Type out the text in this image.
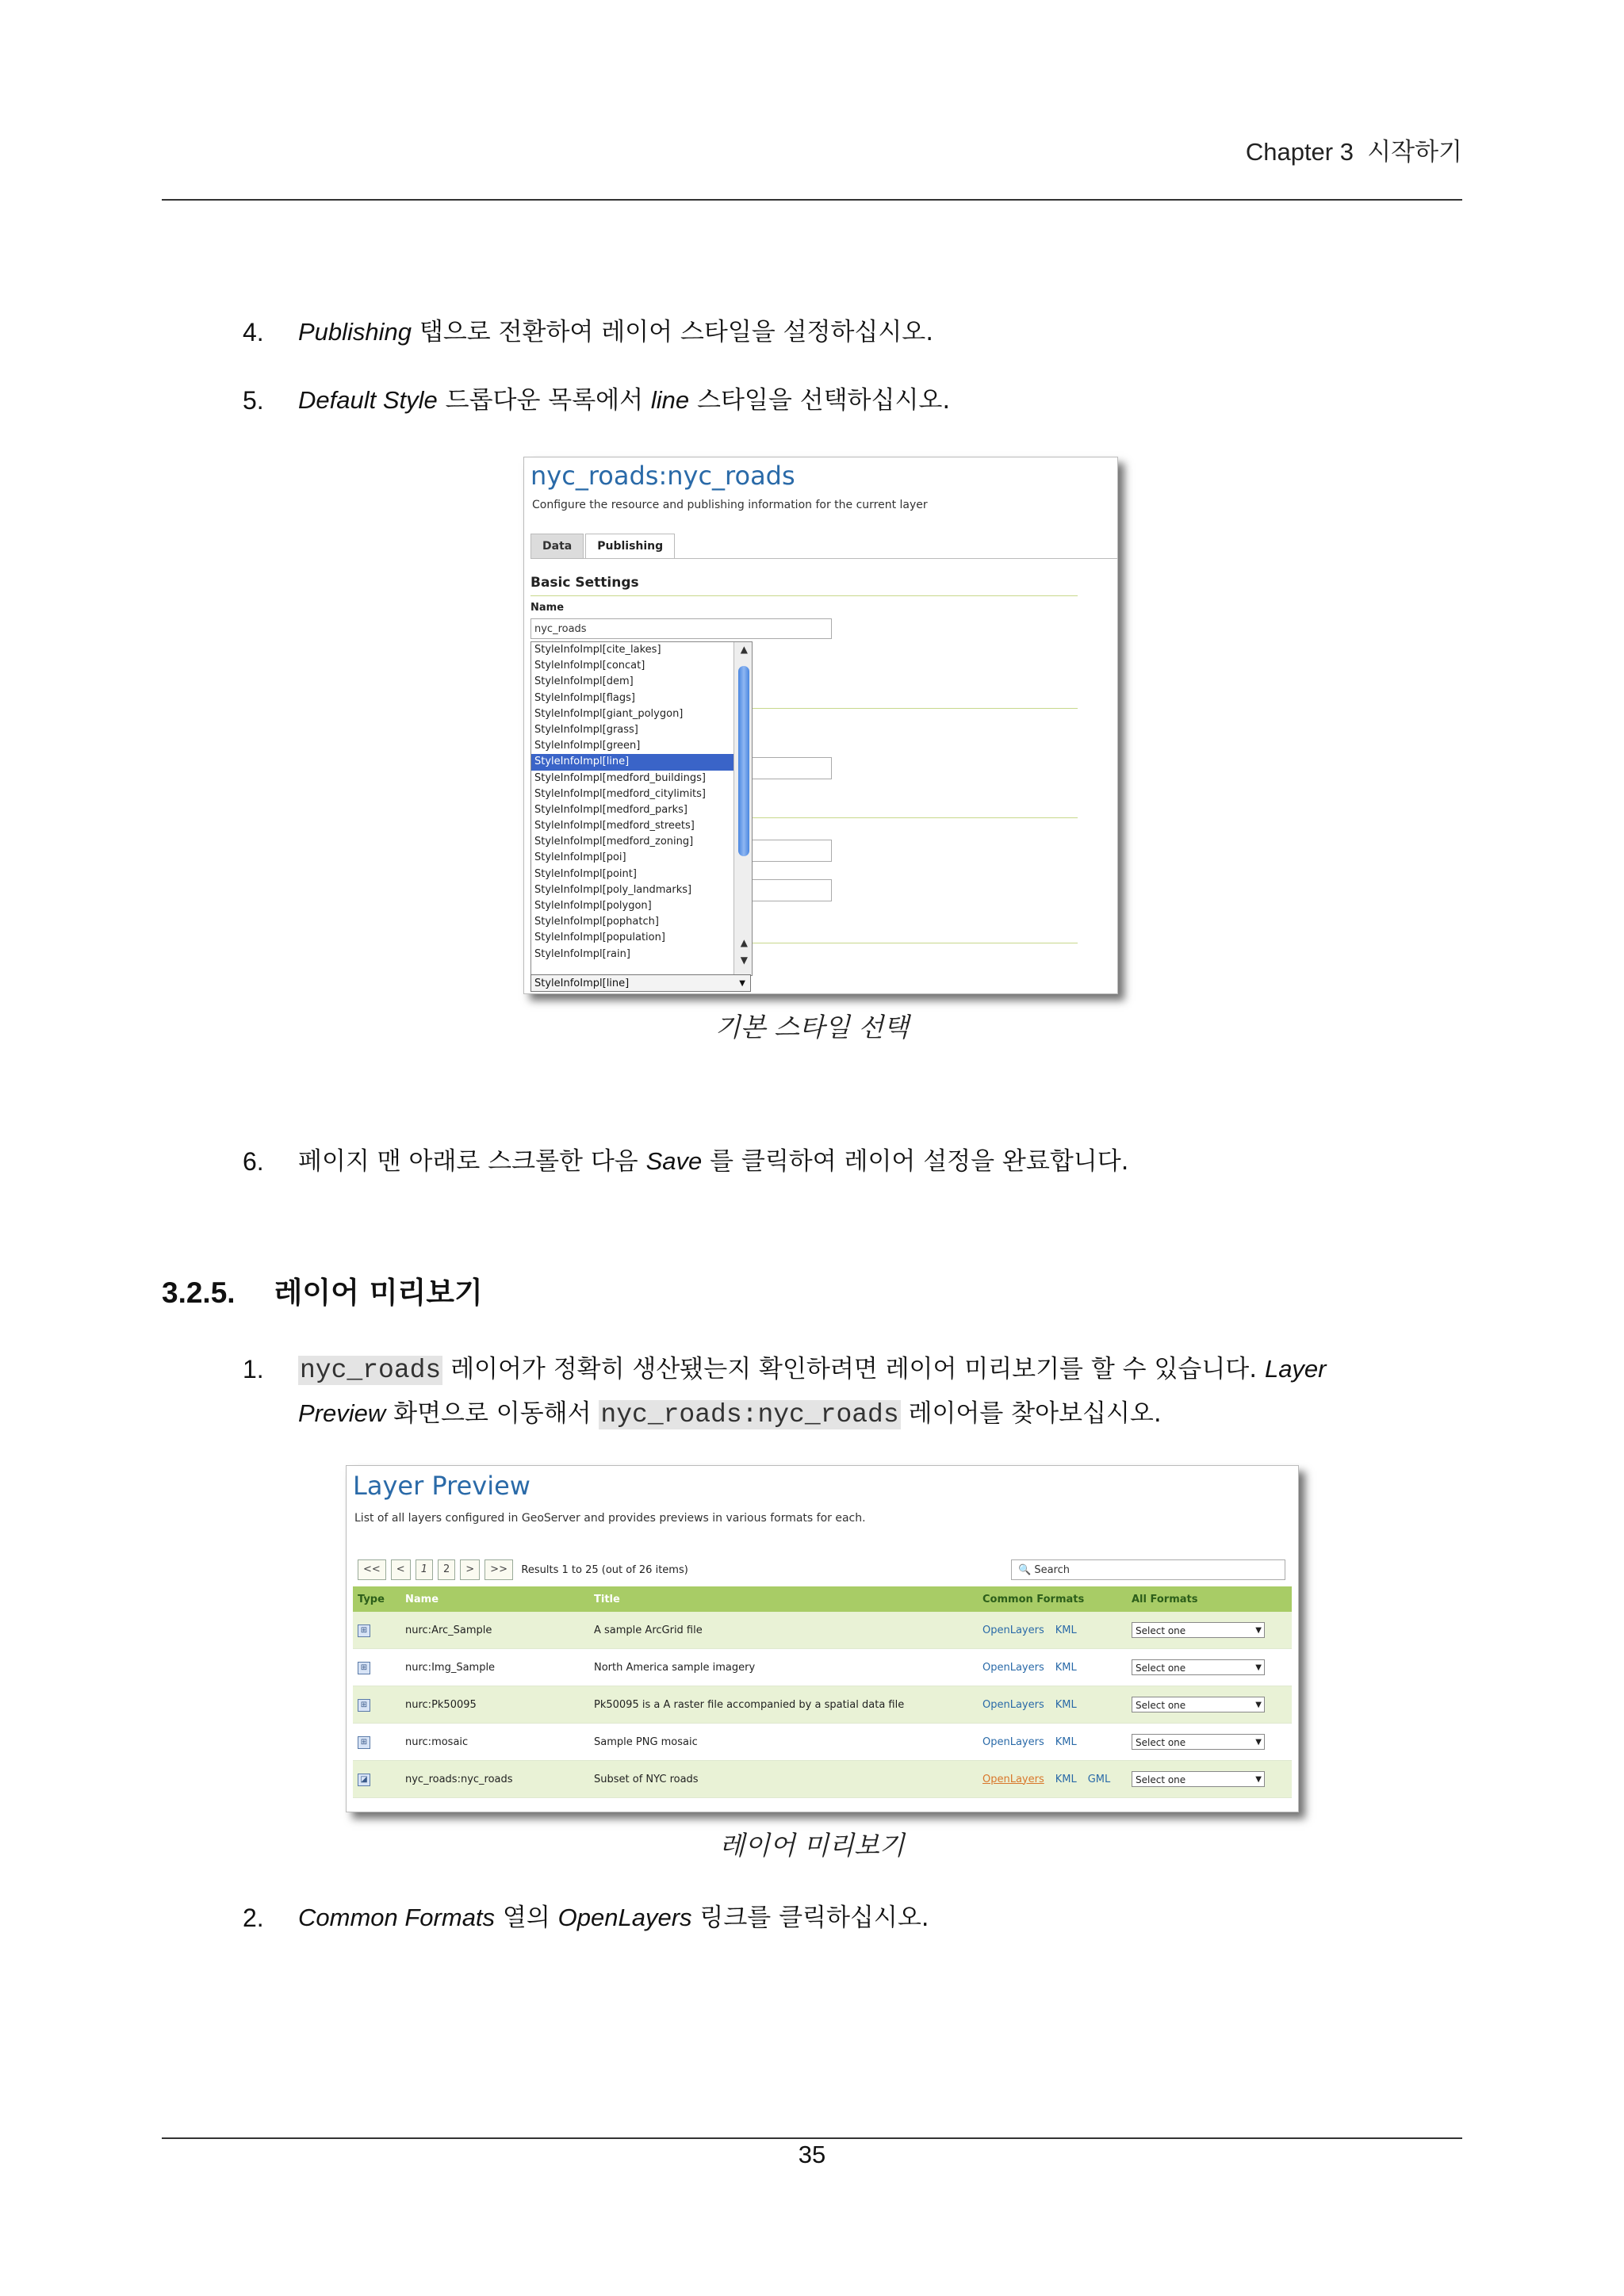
Chapter 3 시작하기
4.	Publishing 탭으로 전환하여 레이어 스타일을 설정하십시오.
5.	Default Style 드롭다운 목록에서 line 스타일을 선택하십시오.
nyc_roads:nyc_roads
Configure the resource and publishing information for the current layer
Data Publishing
Basic Settings
Name
nyc_roads
StyleInfoImpl[cite_lakes]
StyleInfoImpl[concat]
StyleInfoImpl[dem]
StyleInfoImpl[flags]
StyleInfoImpl[giant_polygon]
StyleInfoImpl[grass]
StyleInfoImpl[green]
StyleInfoImpl[line]
StyleInfoImpl[medford_buildings]
StyleInfoImpl[medford_citylimits]
StyleInfoImpl[medford_parks]
StyleInfoImpl[medford_streets]
StyleInfoImpl[medford_zoning]
StyleInfoImpl[poi]
StyleInfoImpl[point]
StyleInfoImpl[poly_landmarks]
StyleInfoImpl[polygon]
StyleInfoImpl[pophatch]
StyleInfoImpl[population]
StyleInfoImpl[rain]
▲
▲
▼
StyleInfoImpl[line]	▼
기본 스타일 선택
6.	페이지 맨 아래로 스크롤한 다음 Save 를 클릭하여 레이어 설정을 완료합니다.
3.2.5. 레이어 미리보기
1.	nyc_roads 레이어가 정확히 생산됐는지 확인하려면 레이어 미리보기를 할 수 있습니다. Layer
Preview 화면으로 이동해서 nyc_roads:nyc_roads 레이어를 찾아보십시오.
Layer Preview
List of all layers configured in GeoServer and provides previews in various formats for each.
<< < 1 2 > >> Results 1 to 25 (out of 26 items)	🔍 Search
Type	Name	Title	Common Formats	All Formats
⊞	nurc:Arc_Sample	A sample ArcGrid file	OpenLayers KML	Select one ▼

⊞	nurc:Img_Sample	North America sample imagery	OpenLayers KML	Select one ▼

⊞	nurc:Pk50095	Pk50095 is a A raster file accompanied by a spatial data file	OpenLayers KML	Select one ▼

⊞	nurc:mosaic	Sample PNG mosaic	OpenLayers KML	Select one ▼

◪	nyc_roads:nyc_roads	Subset of NYC roads	OpenLayers KML GML	Select one ▼
레이어 미리보기
2.	Common Formats 열의 OpenLayers 링크를 클릭하십시오.
35
